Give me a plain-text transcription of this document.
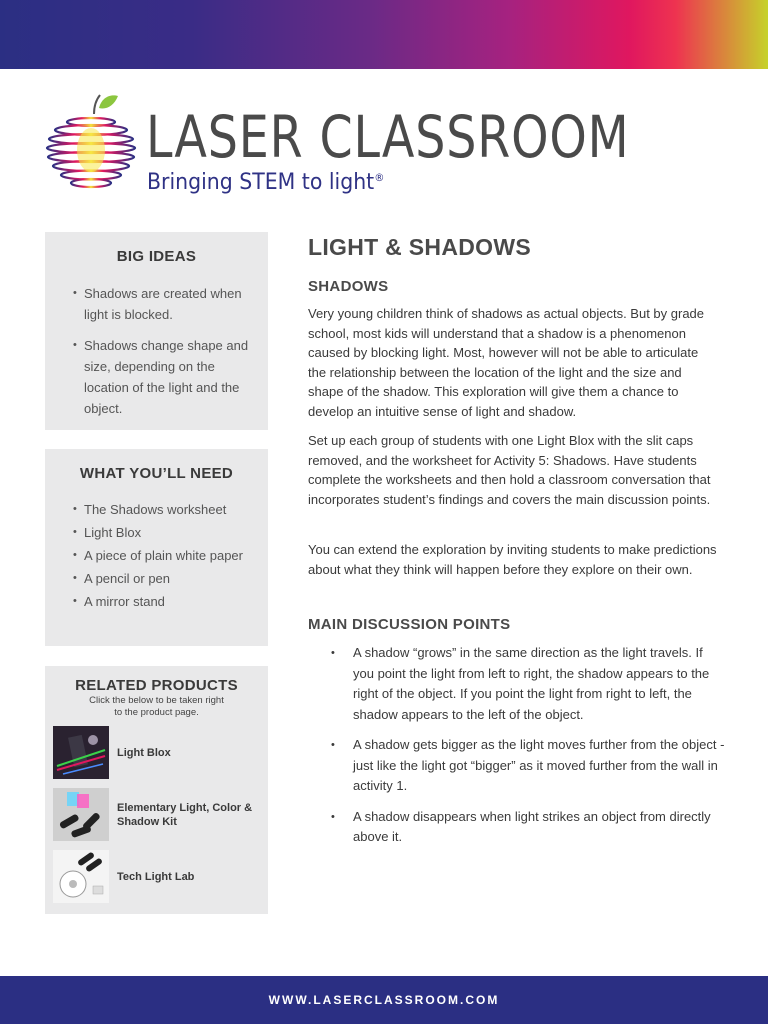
LASER CLASSROOM
Bringing STEM to light®
BIG IDEAS
• Shadows are created when light is blocked.
• Shadows change shape and size, depending on the location of the light and the object.
WHAT YOU’LL NEED
• The Shadows worksheet
• Light Blox
• A piece of plain white paper
• A pencil or pen
• A mirror stand
RELATED PRODUCTS
Click the below to be taken right to the product page.
Light Blox
Elementary Light, Color & Shadow Kit
Tech Light Lab
LIGHT & SHADOWS
SHADOWS

Very young children think of shadows as actual objects. But by grade school, most kids will understand that a shadow is a phenomenon caused by blocking light. Most, however will not be able to articulate the relationship between the location of the light and the size and shape of the shadow. This exploration will give them a chance to develop an intuitive sense of light and shadow.

Set up each group of students with one Light Blox with the slit caps removed, and the worksheet for Activity 5: Shadows. Have students complete the worksheets and then hold a classroom conversation that incorporates student’s findings and covers the main discussion points.

You can extend the exploration by inviting students to make predictions about what they think will happen before they explore on their own.

MAIN DISCUSSION POINTS
• A shadow “grows” in the same direction as the light travels. If you point the light from left to right, the shadow appears to the right of the object. If you point the light from right to left, the shadow appears to the left of the object.
• A shadow gets bigger as the light moves further from the object - just like the light got “bigger” as it moved further from the wall in activity 1.
• A shadow disappears when light strikes an object from directly above it.
WWW.LASERCLASSROOM.COM
